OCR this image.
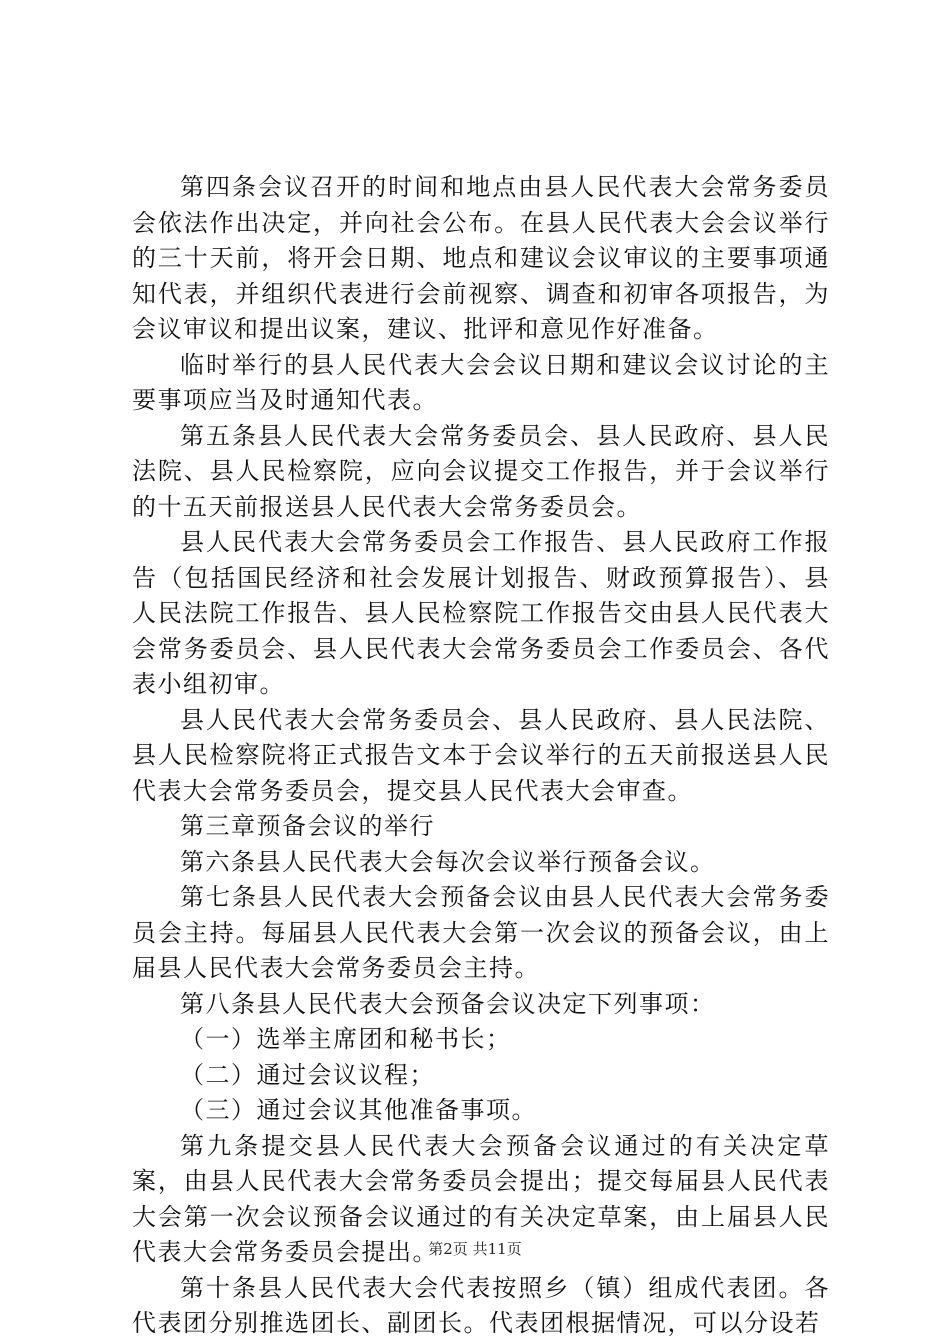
第四条会议召开的时间和地点由县人民代表大会常务委员会依法作出决定，并向社会公布。在县人民代表大会会议举行的三十天前，将开会日期、地点和建议会议审议的主要事项通知代表，并组织代表进行会前视察、调查和初审各项报告，为会议审议和提出议案，建议、批评和意见作好准备。

临时举行的县人民代表大会会议日期和建议会议讨论的主要事项应当及时通知代表。

第五条县人民代表大会常务委员会、县人民政府、县人民法院、县人民检察院，应向会议提交工作报告，并于会议举行的十五天前报送县人民代表大会常务委员会。

县人民代表大会常务委员会工作报告、县人民政府工作报告（包括国民经济和社会发展计划报告、财政预算报告）、县人民法院工作报告、县人民检察院工作报告交由县人民代表大会常务委员会、县人民代表大会常务委员会工作委员会、各代表小组初审。

县人民代表大会常务委员会、县人民政府、县人民法院、县人民检察院将正式报告文本于会议举行的五天前报送县人民代表大会常务委员会，提交县人民代表大会审查。

第三章预备会议的举行

第六条县人民代表大会每次会议举行预备会议。

第七条县人民代表大会预备会议由县人民代表大会常务委员会主持。每届县人民代表大会第一次会议的预备会议，由上届县人民代表大会常务委员会主持。

第八条县人民代表大会预备会议决定下列事项：

（一）选举主席团和秘书长；

（二）通过会议议程；

（三）通过会议其他准备事项。

第九条提交县人民代表大会预备会议通过的有关决定草案，由县人民代表大会常务委员会提出；提交每届县人民代表大会第一次会议预备会议通过的有关决定草案，由上届县人民代表大会常务委员会提出。

第十条县人民代表大会代表按照乡（镇）组成代表团。各代表团分别推选团长、副团长。代表团根据情况，可以分设若

第2页 共11页
